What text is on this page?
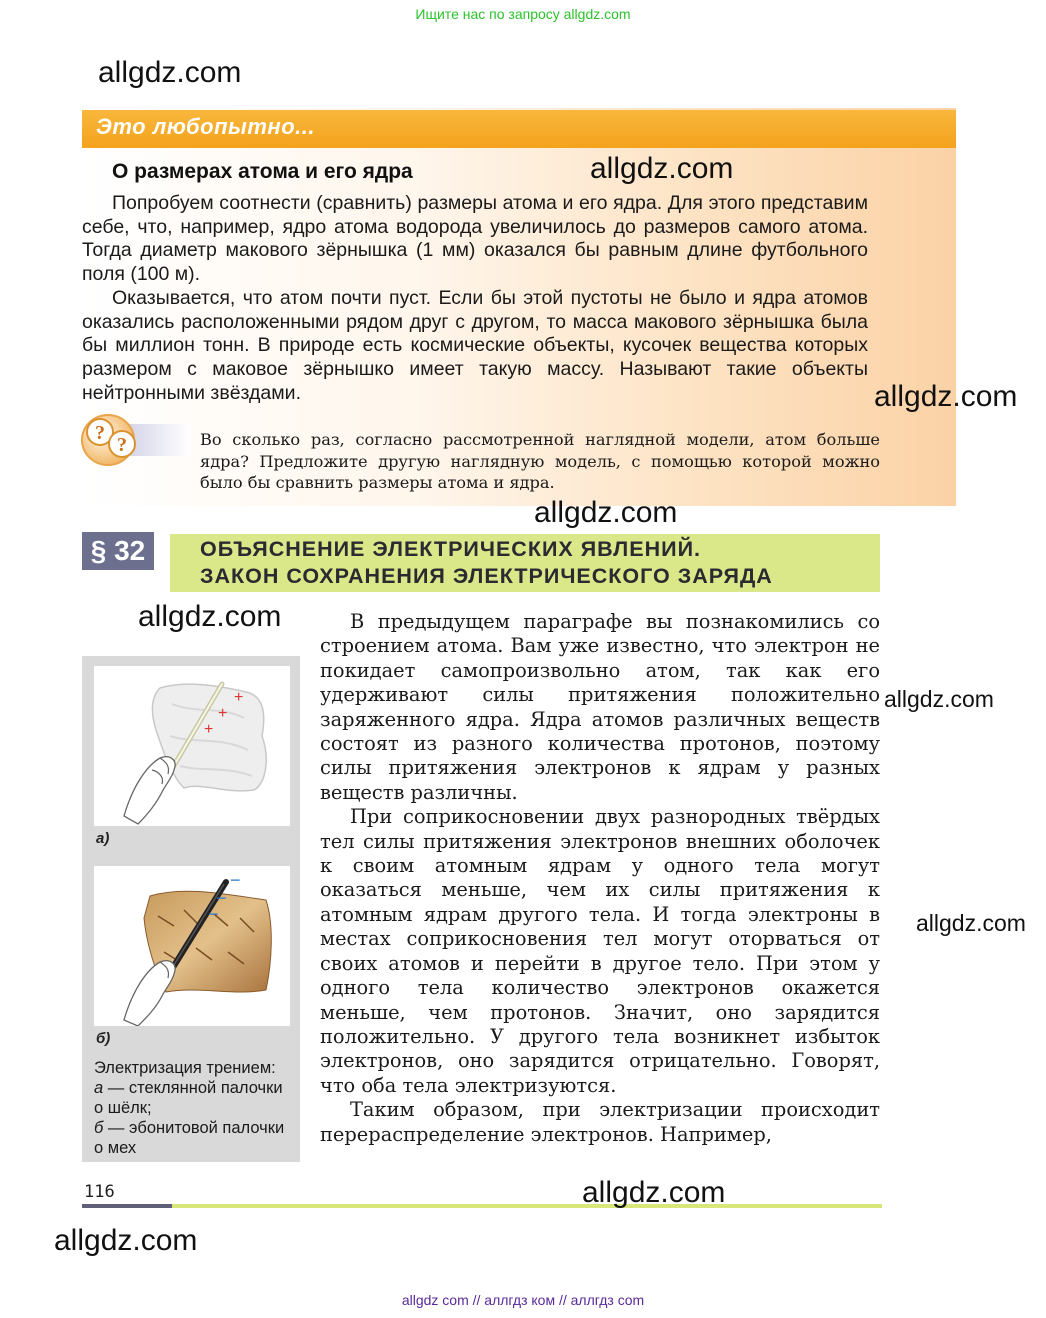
Ищите нас по запросу allgdz.com
allgdz.com
Это любопытно...
О размерах атома и его ядра	allgdz.com

Попробуем соотнести (сравнить) размеры атома и его ядра. Для этого представим себе, что, например, ядро атома водорода увеличилось до размеров самого атома. Тогда диаметр макового зёрнышка (1 мм) оказался бы равным длине футбольного поля (100 м).

Оказывается, что атом почти пуст. Если бы этой пустоты не было и ядра атомов оказались расположенными рядом друг с другом, то масса макового зёрнышка была бы миллион тонн. В природе есть космические объекты, кусочек вещества которых размером с маковое зёрнышко имеет такую массу. Называют такие объекты нейтронными звёздами.	allgdz.com
?
?	Во сколько раз, согласно рассмотренной наглядной модели, атом больше ядра? Предложите другую наглядную модель, с помощью которой можно было бы сравнить размеры атома и ядра.
allgdz.com
§ 32	ОБЪЯСНЕНИЕ ЭЛЕКТРИЧЕСКИХ ЯВЛЕНИЙ.
ЗАКОН СОХРАНЕНИЯ ЭЛЕКТРИЧЕСКОГО ЗАРЯДА
allgdz.com
+
+
+
а)
−
−
−
б)
Электризация трением:
а — стеклянной палочки о шёлк;
б — эбонитовой палочки о мех

В предыдущем параграфе вы познакомились со строением атома. Вам уже известно, что электрон не покидает самопроизвольно атом, так как его удерживают силы притяжения положительно заряженного ядра. Ядра атомов различных веществ состоят из разного количества протонов, поэтому силы притяжения электронов к ядрам у разных веществ различны.

При соприкосновении двух разнородных твёрдых тел силы притяжения электронов внешних оболочек к своим атомным ядрам у одного тела могут оказаться меньше, чем их силы притяжения к атомным ядрам другого тела. И тогда электроны в местах соприкосновения тел могут оторваться от своих атомов и перейти в другое тело. При этом у одного тела количество электронов окажется меньше, чем протонов. Значит, оно зарядится положительно. У другого тела возникнет избыток электронов, оно зарядится отрицательно. Говорят, что оба тела электризуются.

Таким образом, при электризации происходит перераспределение электронов. Например,

allgdz.com
allgdz.com
116	allgdz.com
allgdz.com
allgdz com // аллгдз ком // аллгдз com
